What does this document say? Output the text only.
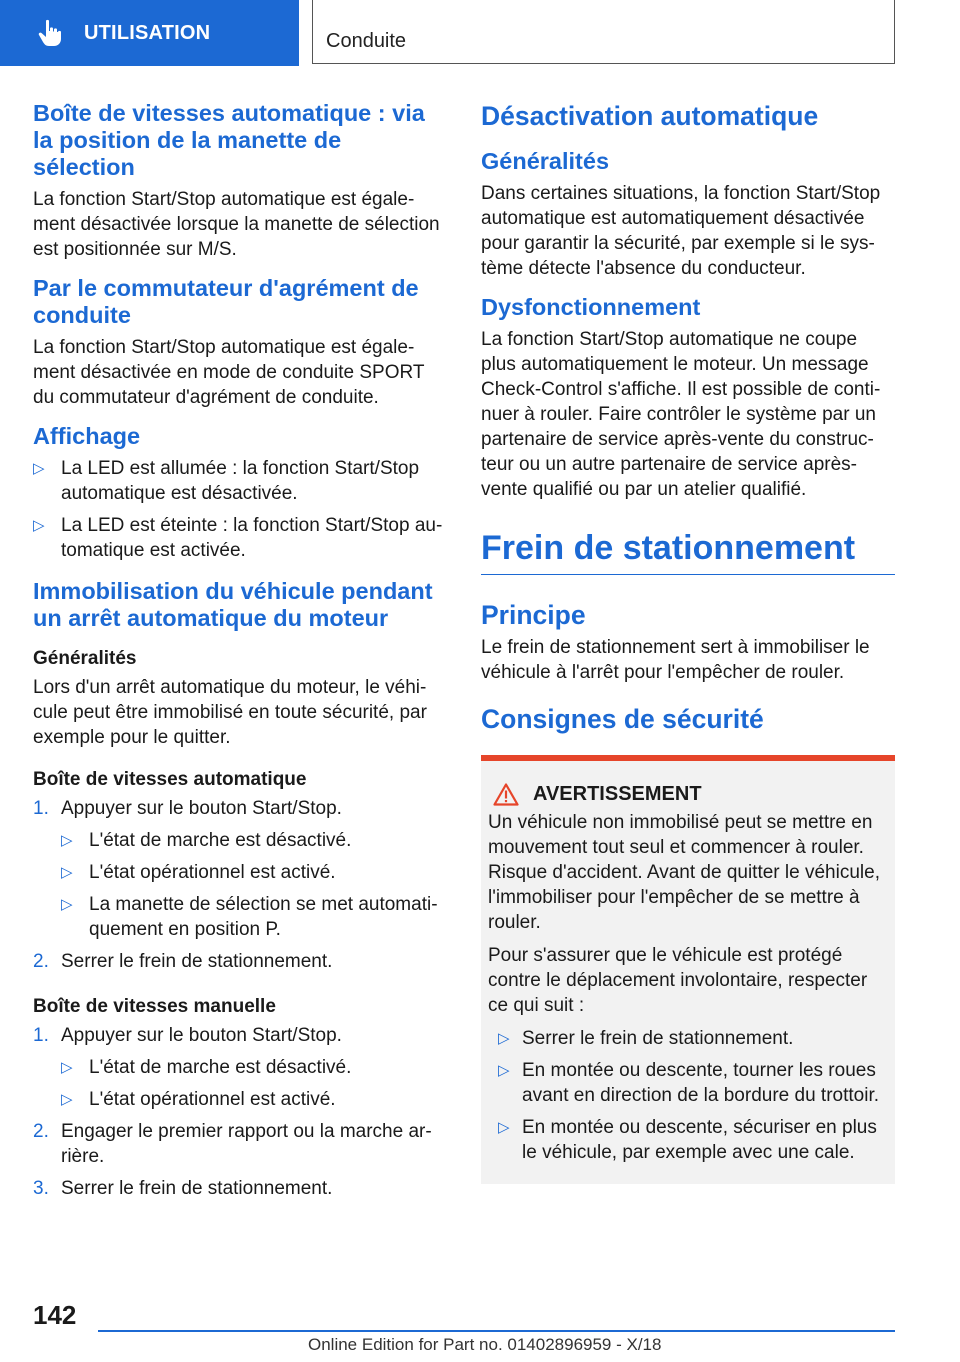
UTILISATION	Conduite
Boîte de vitesses automatique : via la position de la manette de sélection

La fonction Start/Stop automatique est égale-ment désactivée lorsque la manette de sélection est positionnée sur M/S.

Par le commutateur d'agrément de conduite

La fonction Start/Stop automatique est égale-ment désactivée en mode de conduite SPORT du commutateur d'agrément de conduite.

Affichage
▷ La LED est allumée : la fonction Start/Stop automatique est désactivée.
▷ La LED est éteinte : la fonction Start/Stop au-tomatique est activée.
Immobilisation du véhicule pendant un arrêt automatique du moteur
Généralités

Lors d'un arrêt automatique du moteur, le véhi-cule peut être immobilisé en toute sécurité, par exemple pour le quitter.

Boîte de vitesses automatique
1. Appuyer sur le bouton Start/Stop.
▷ L'état de marche est désactivé.
▷ L'état opérationnel est activé.
▷ La manette de sélection se met automati-quement en position P.
2. Serrer le frein de stationnement.
Boîte de vitesses manuelle
1. Appuyer sur le bouton Start/Stop.
▷ L'état de marche est désactivé.
▷ L'état opérationnel est activé.
2. Engager le premier rapport ou la marche ar-rière.
3. Serrer le frein de stationnement.
Désactivation automatique
Généralités

Dans certaines situations, la fonction Start/Stop automatique est automatiquement désactivée pour garantir la sécurité, par exemple si le sys-tème détecte l'absence du conducteur.

Dysfonctionnement

La fonction Start/Stop automatique ne coupe plus automatiquement le moteur. Un message Check-Control s'affiche. Il est possible de conti-nuer à rouler. Faire contrôler le système par un partenaire de service après-vente du construc-teur ou un autre partenaire de service après-vente qualifié ou par un atelier qualifié.

Frein de stationnement
Principe

Le frein de stationnement sert à immobiliser le véhicule à l'arrêt pour l'empêcher de rouler.

Consignes de sécurité
AVERTISSEMENT

Un véhicule non immobilisé peut se mettre en mouvement tout seul et commencer à rouler. Risque d'accident. Avant de quitter le véhicule, l'immobiliser pour l'empêcher de se mettre à rouler.

Pour s'assurer que le véhicule est protégé contre le déplacement involontaire, respecter ce qui suit :

▷ Serrer le frein de stationnement.
▷ En montée ou descente, tourner les roues avant en direction de la bordure du trottoir.
▷ En montée ou descente, sécuriser en plus le véhicule, par exemple avec une cale.
142
Online Edition for Part no. 01402896959 - X/18
